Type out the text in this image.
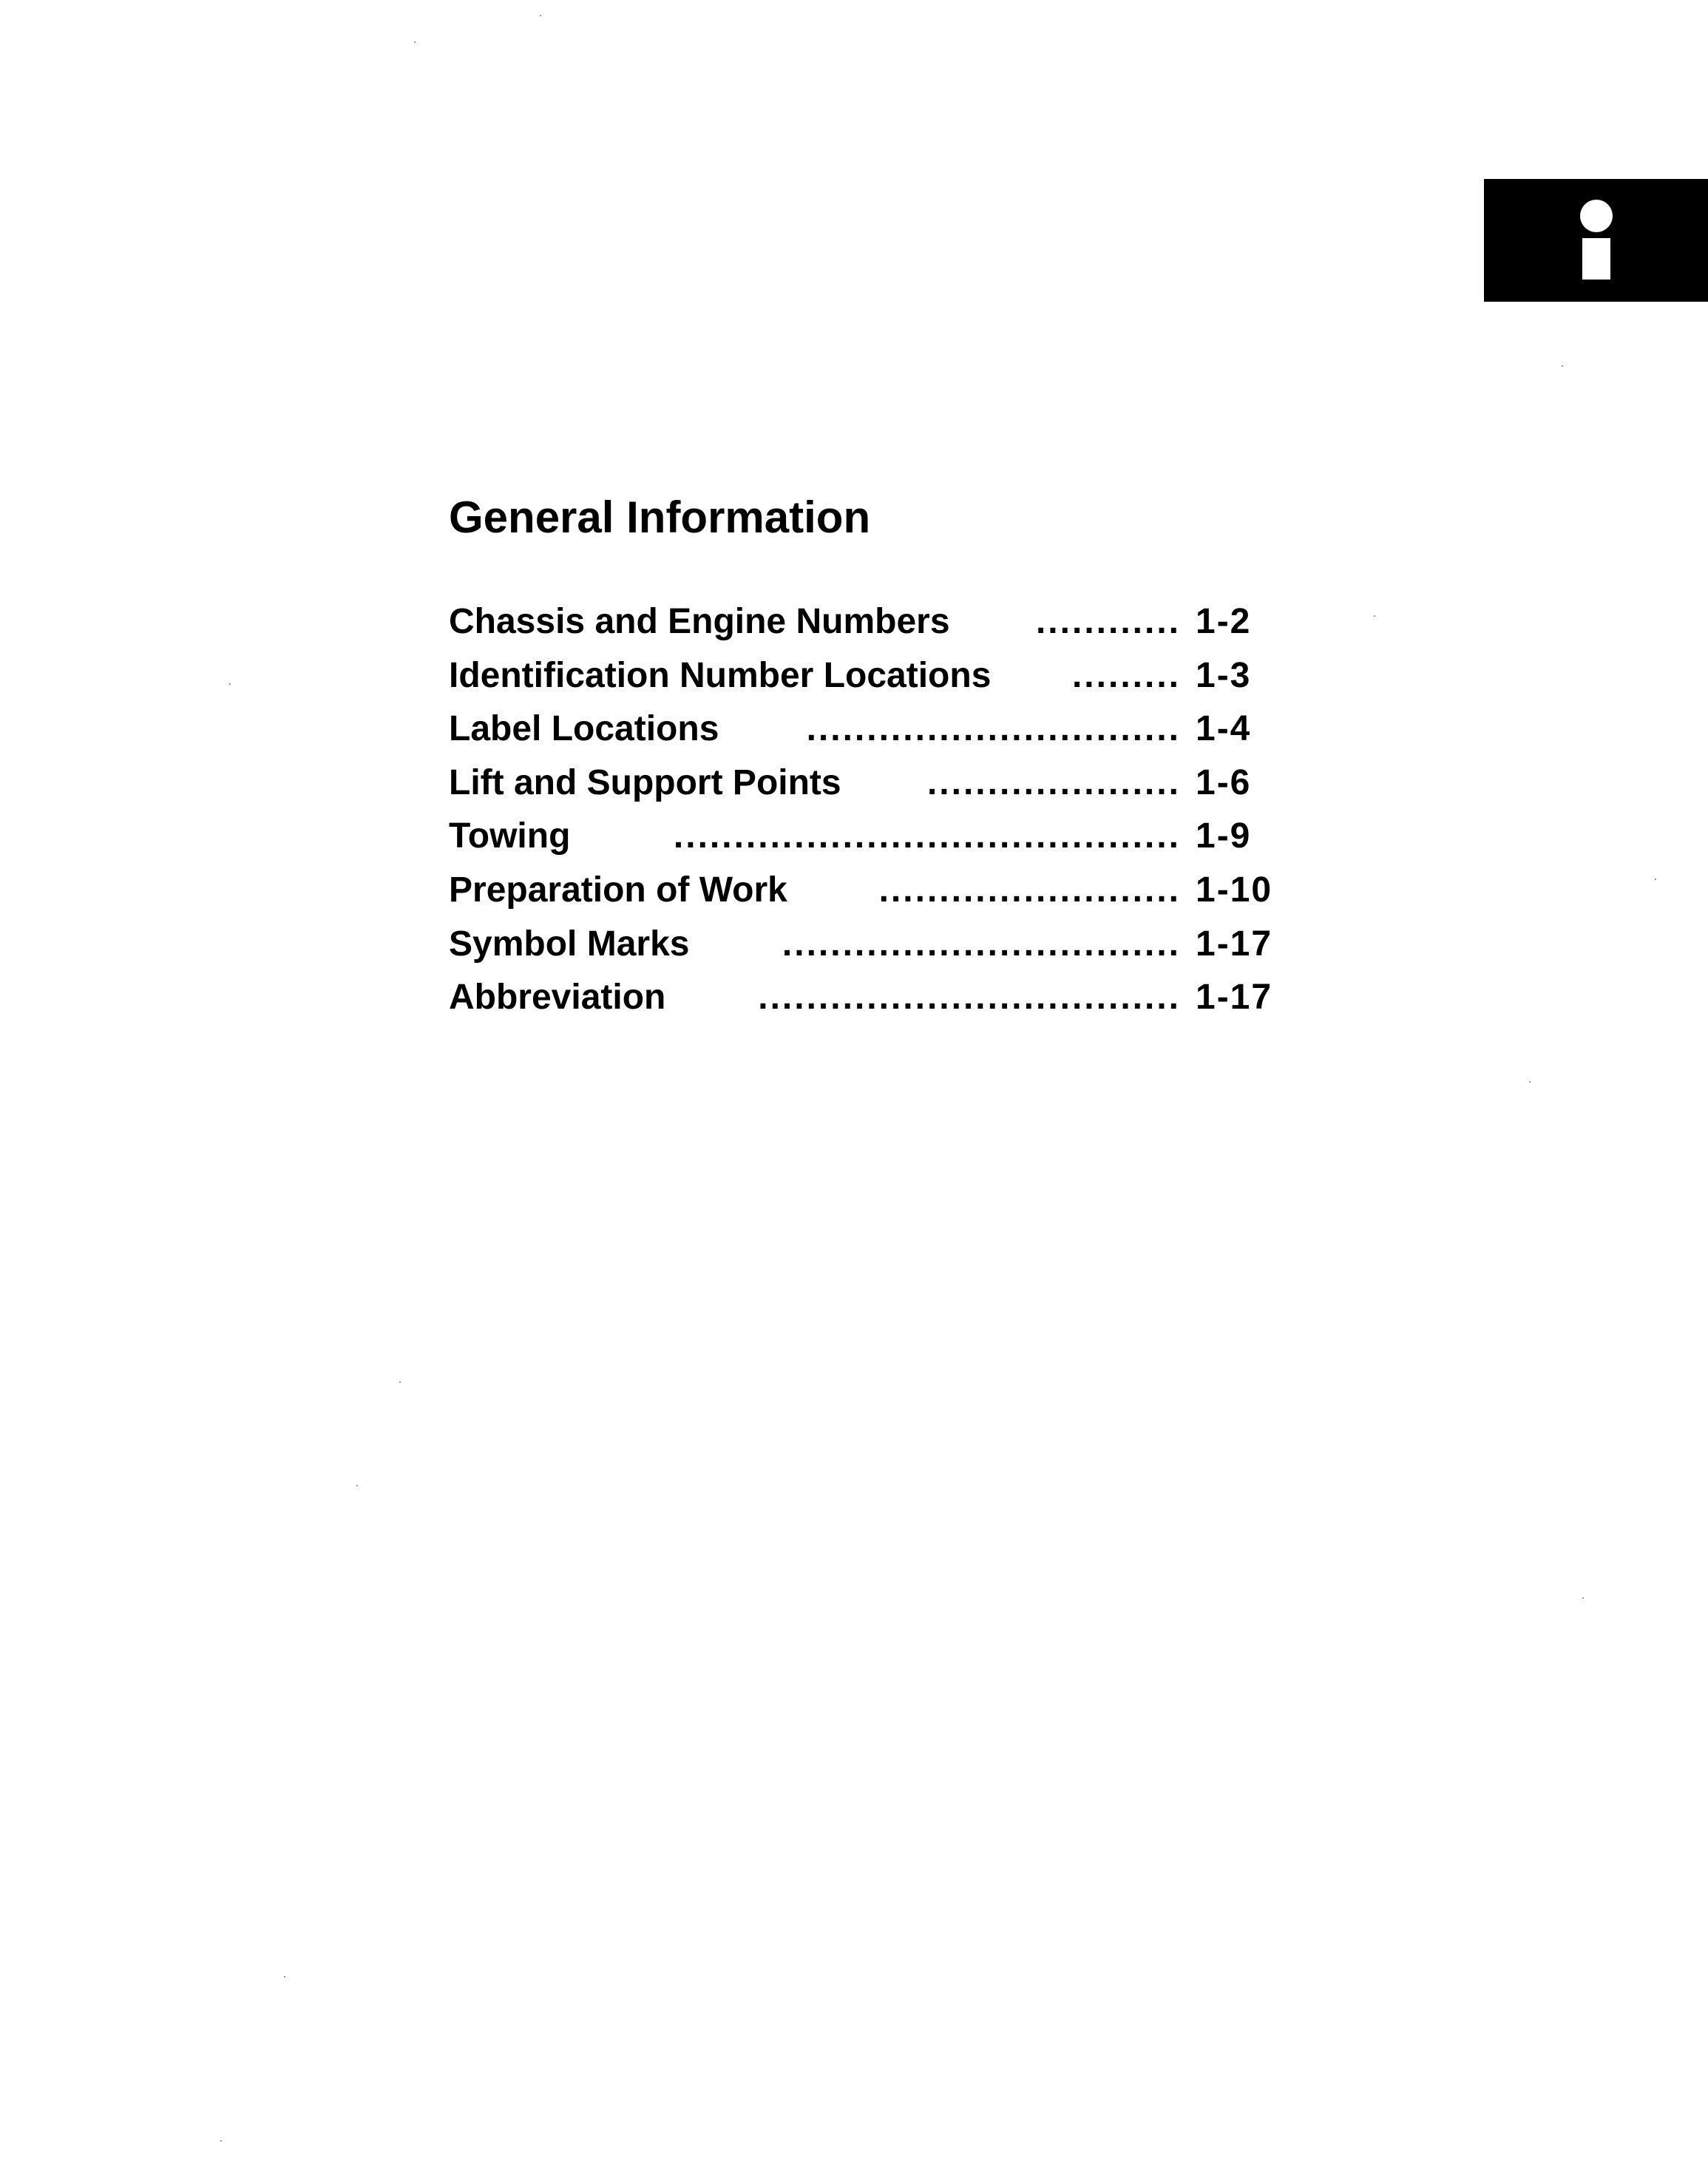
General Information
Chassis and Engine Numbers ............ 1-2
Identification Number Locations ......... 1-3
Label Locations ............................... 1-4
Lift and Support Points ..................... 1-6
Towing	.......................................... 1-9
Preparation of Work	......................... 1-10
Symbol Marks	................................. 1-17
Abbreviation	................................... 1-17
